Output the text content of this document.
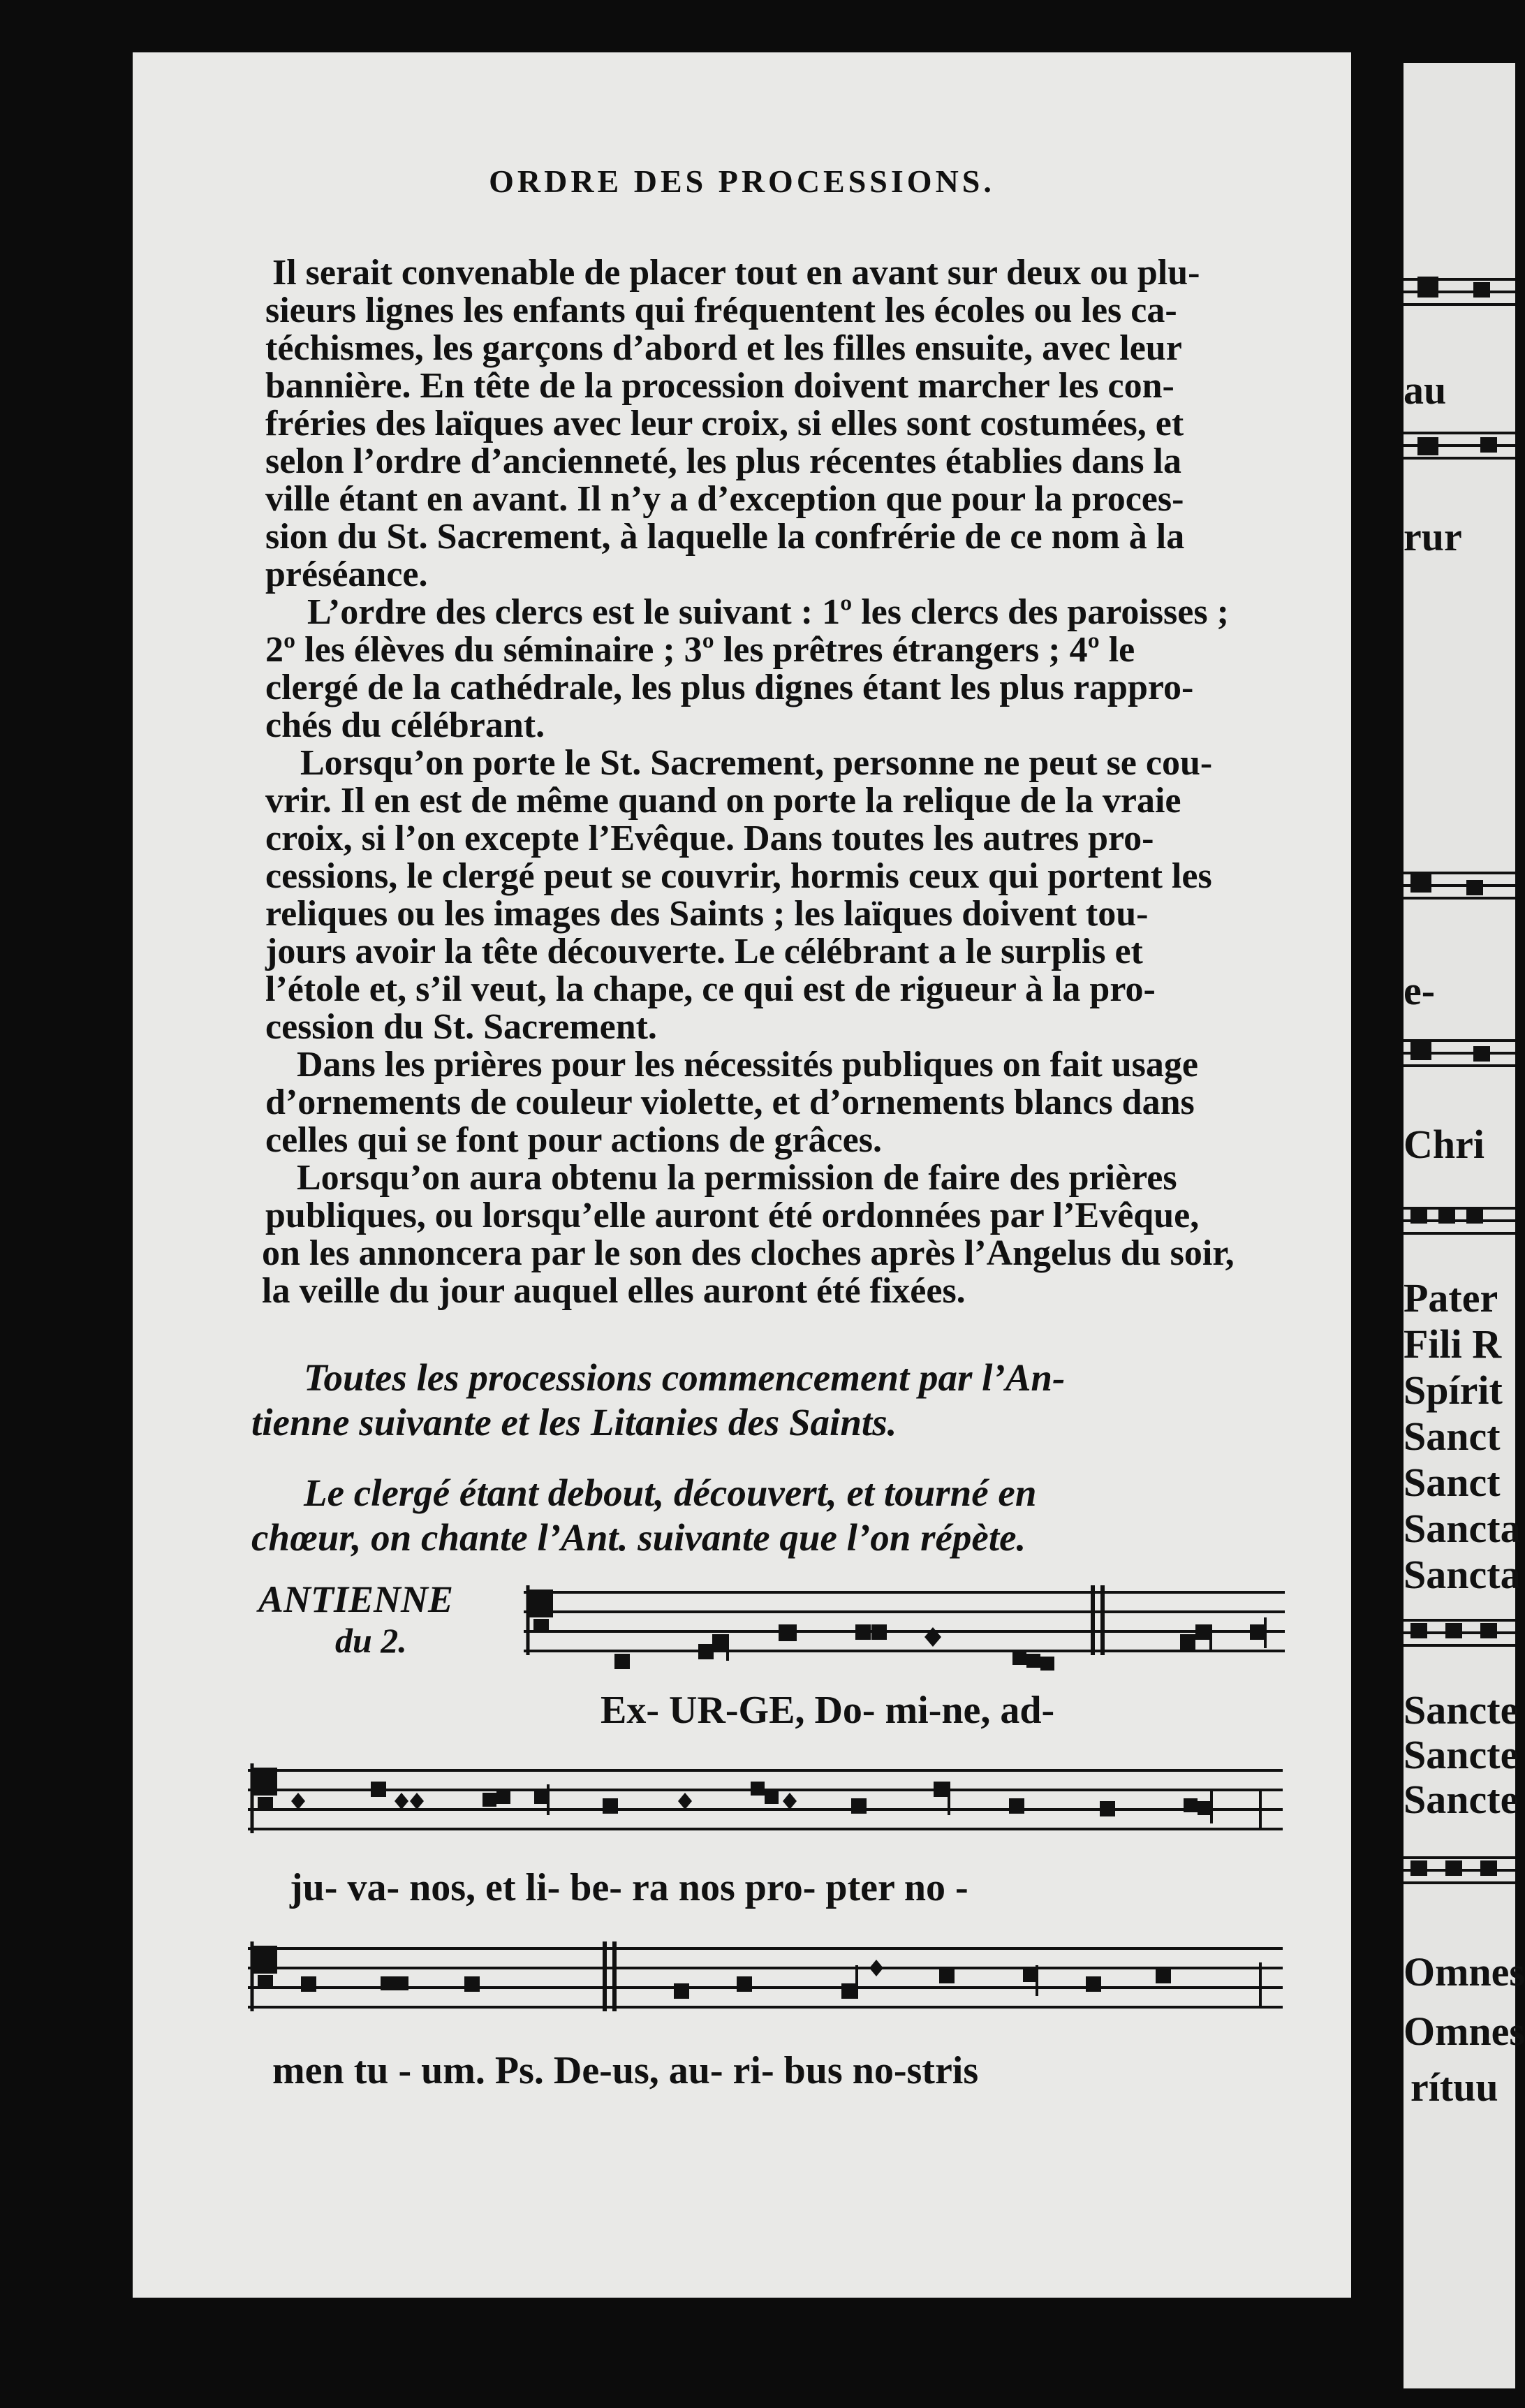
ORDRE DES PROCESSIONS.
Il serait convenable de placer tout en avant sur deux ou plu-
sieurs lignes les enfants qui fréquentent les écoles ou les ca-
téchismes, les garçons d’abord et les filles ensuite, avec leur
bannière. En tête de la procession doivent marcher les con-
fréries des laïques avec leur croix, si elles sont costumées, et
selon l’ordre d’ancienneté, les plus récentes établies dans la
ville étant en avant. Il n’y a d’exception que pour la proces-
sion du St. Sacrement, à laquelle la confrérie de ce nom à la
préséance.
L’ordre des clercs est le suivant : 1º les clercs des paroisses ;
2º les élèves du séminaire ; 3º les prêtres étrangers ; 4º le
clergé de la cathédrale, les plus dignes étant les plus rappro-
chés du célébrant.
Lorsqu’on porte le St. Sacrement, personne ne peut se cou-
vrir. Il en est de même quand on porte la relique de la vraie
croix, si l’on excepte l’Evêque. Dans toutes les autres pro-
cessions, le clergé peut se couvrir, hormis ceux qui portent les
reliques ou les images des Saints ; les laïques doivent tou-
jours avoir la tête découverte. Le célébrant a le surplis et
l’étole et, s’il veut, la chape, ce qui est de rigueur à la pro-
cession du St. Sacrement.
Dans les prières pour les nécessités publiques on fait usage
d’ornements de couleur violette, et d’ornements blancs dans
celles qui se font pour actions de grâces.
Lorsqu’on aura obtenu la permission de faire des prières
publiques, ou lorsqu’elle auront été ordonnées par l’Evêque,
on les annoncera par le son des cloches après l’Angelus du soir,
la veille du jour auquel elles auront été fixées.
Toutes les processions commencement par l’An-
tienne suivante et les Litanies des Saints.
Le clergé étant debout, découvert, et tourné en
chœur, on chante l’Ant. suivante que l’on répète.
ANTIENNE
du 2.
Ex- UR-GE, Do- mi-ne, ad-
ju- va- nos, et li- be- ra nos pro- pter no -
men tu - um. Ps. De-us, au- ri- bus no-stris
au
rur
e-
Chri
Pater
Fili R
Spírit
Sanct
Sanct
Sancta
Sancta
Sancte
Sancte
Sancte
Omnes
Omnes
rítuu
